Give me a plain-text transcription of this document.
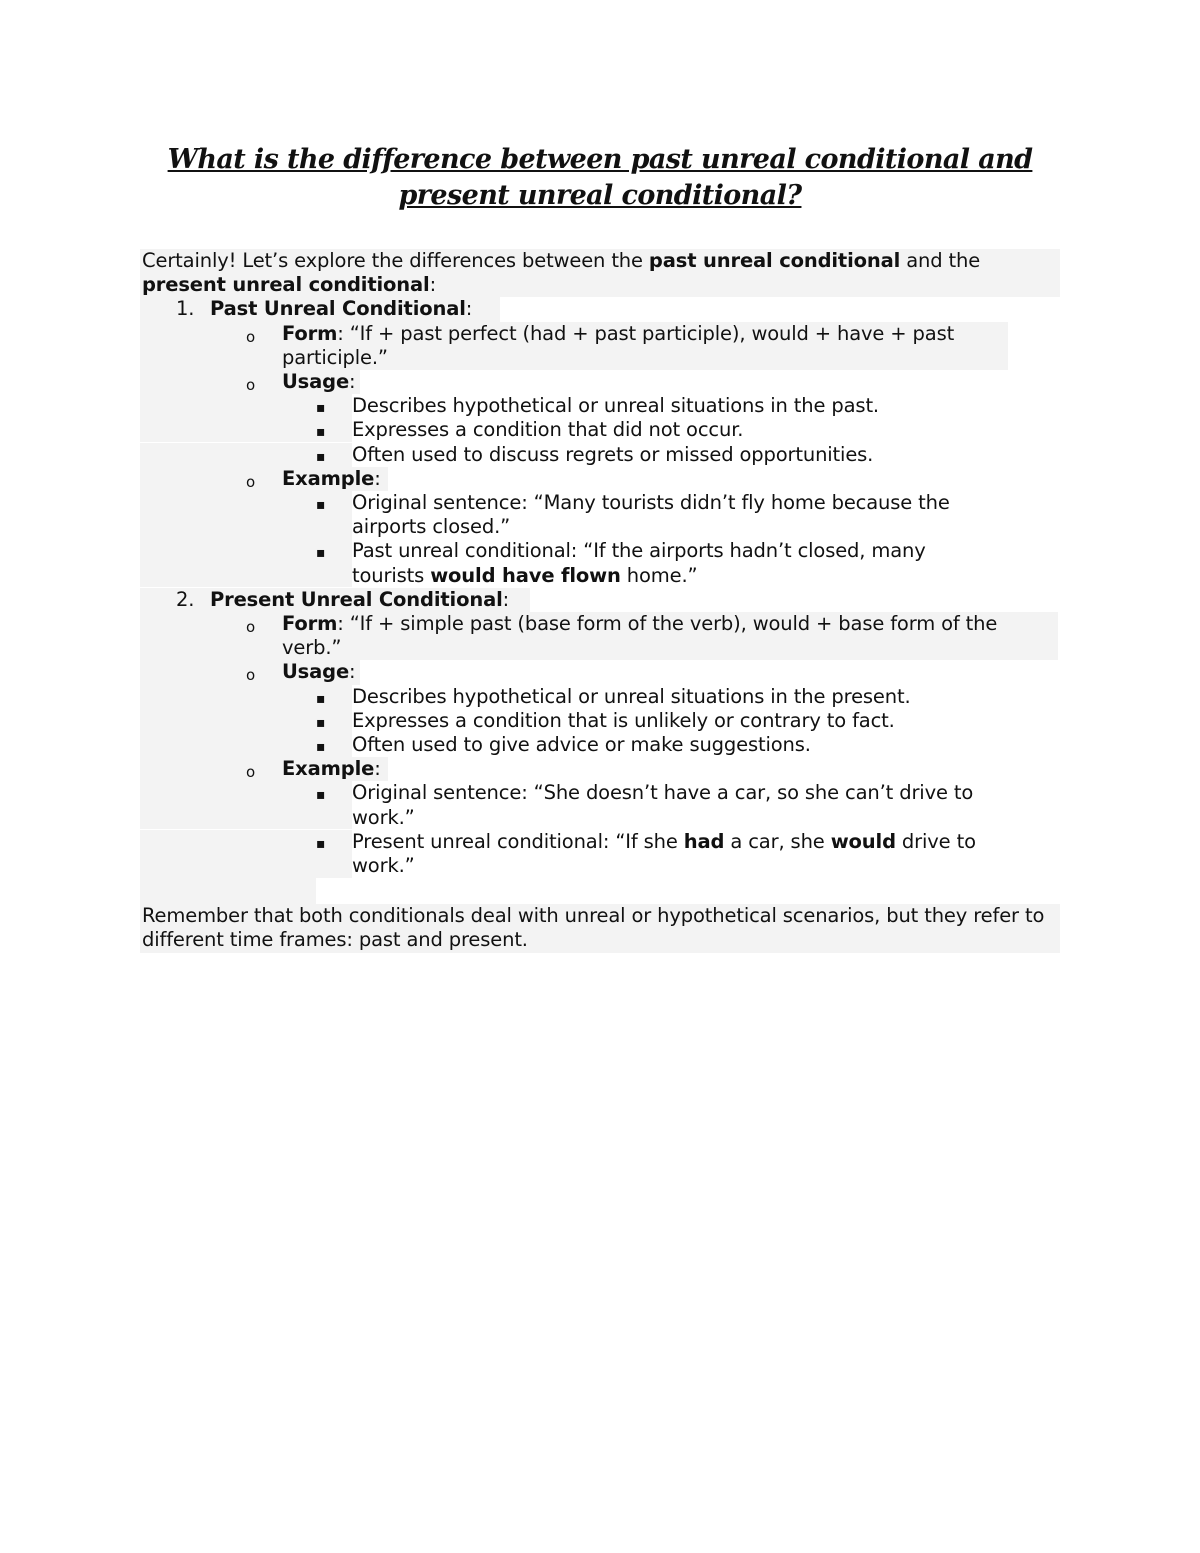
What is the difference between past unreal conditional and present unreal conditional?
Certainly! Let’s explore the differences between the past unreal conditional and the present unreal conditional:
1. Past Unreal Conditional:
o	Form: “If + past perfect (had + past participle), would + have + past participle.”
o	Usage:
▪	Describes hypothetical or unreal situations in the past.
▪	Expresses a condition that did not occur.
▪	Often used to discuss regrets or missed opportunities.
o	Example:
▪	Original sentence: “Many tourists didn’t fly home because the airports closed.”
▪	Past unreal conditional: “If the airports hadn’t closed, many tourists would have flown home.”
2. Present Unreal Conditional:
o	Form: “If + simple past (base form of the verb), would + base form of the verb.”
o	Usage:
▪	Describes hypothetical or unreal situations in the present.
▪	Expresses a condition that is unlikely or contrary to fact.
▪	Often used to give advice or make suggestions.
o	Example:
▪	Original sentence: “She doesn’t have a car, so she can’t drive to work.”
▪	Present unreal conditional: “If she had a car, she would drive to work.”
Remember that both conditionals deal with unreal or hypothetical scenarios, but they refer to different time frames: past and present.
